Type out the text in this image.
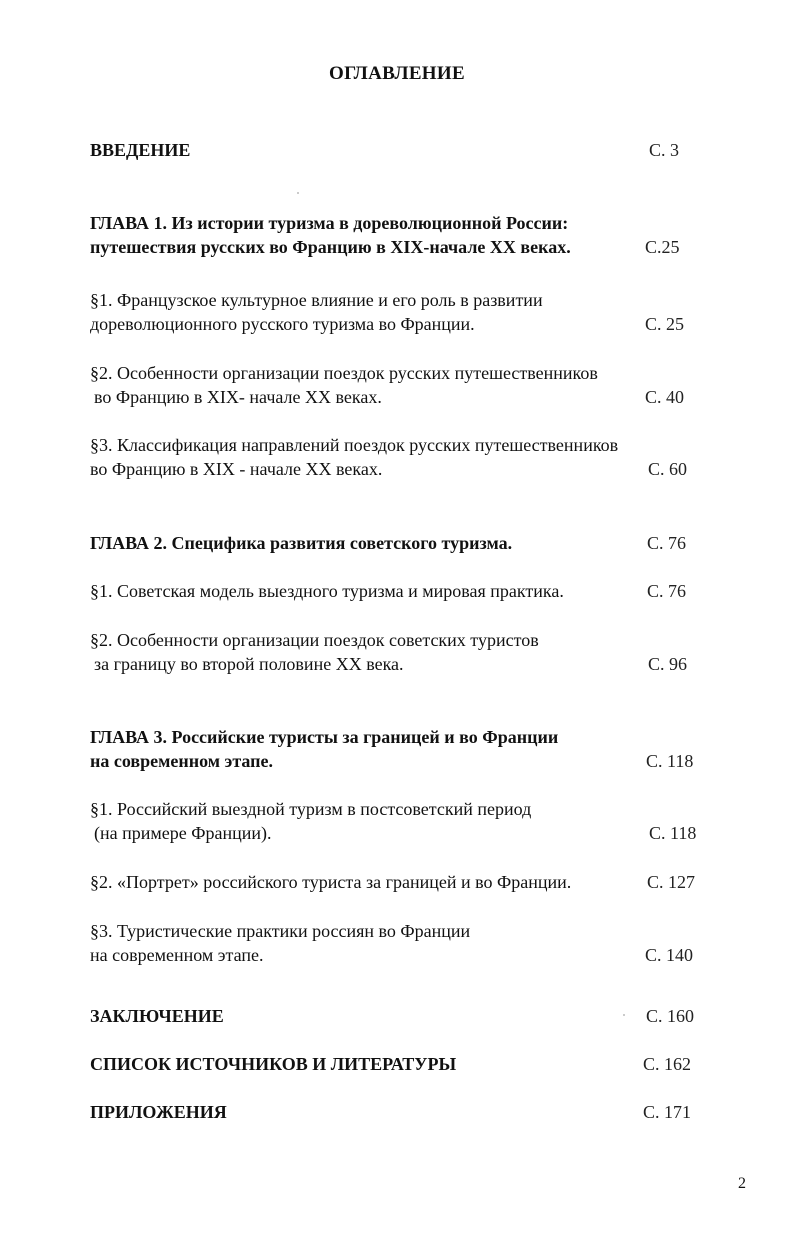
ОГЛАВЛЕНИЕ
ВВЕДЕНИЕ	С. 3
ГЛАВА 1. Из истории туризма в дореволюционной России:
путешествия русских во Францию в XIX-начале XX веках.	С.25
§1. Французское культурное влияние и его роль в развитии
дореволюционного русского туризма во Франции.	С. 25
§2. Особенности организации поездок русских путешественников
во Францию в XIX- начале XX веках.	С. 40
§3. Классификация направлений поездок русских путешественников
во Францию в XIX - начале XX веках.	С. 60
ГЛАВА 2. Специфика развития советского туризма.	С. 76
§1. Советская модель выездного туризма и мировая практика.	С. 76
§2. Особенности организации поездок советских туристов
за границу во второй половине XX века.	С. 96
ГЛАВА 3. Российские туристы за границей и во Франции
на современном этапе.	С. 118
§1. Российский выездной туризм в постсоветский период
(на примере Франции).	С. 118
§2. «Портрет» российского туриста за границей и во Франции.	С. 127
§3. Туристические практики россиян во Франции
на современном этапе.	С. 140
ЗАКЛЮЧЕНИЕ	С. 160
СПИСОК ИСТОЧНИКОВ И ЛИТЕРАТУРЫ	С. 162
ПРИЛОЖЕНИЯ	С. 171
2
